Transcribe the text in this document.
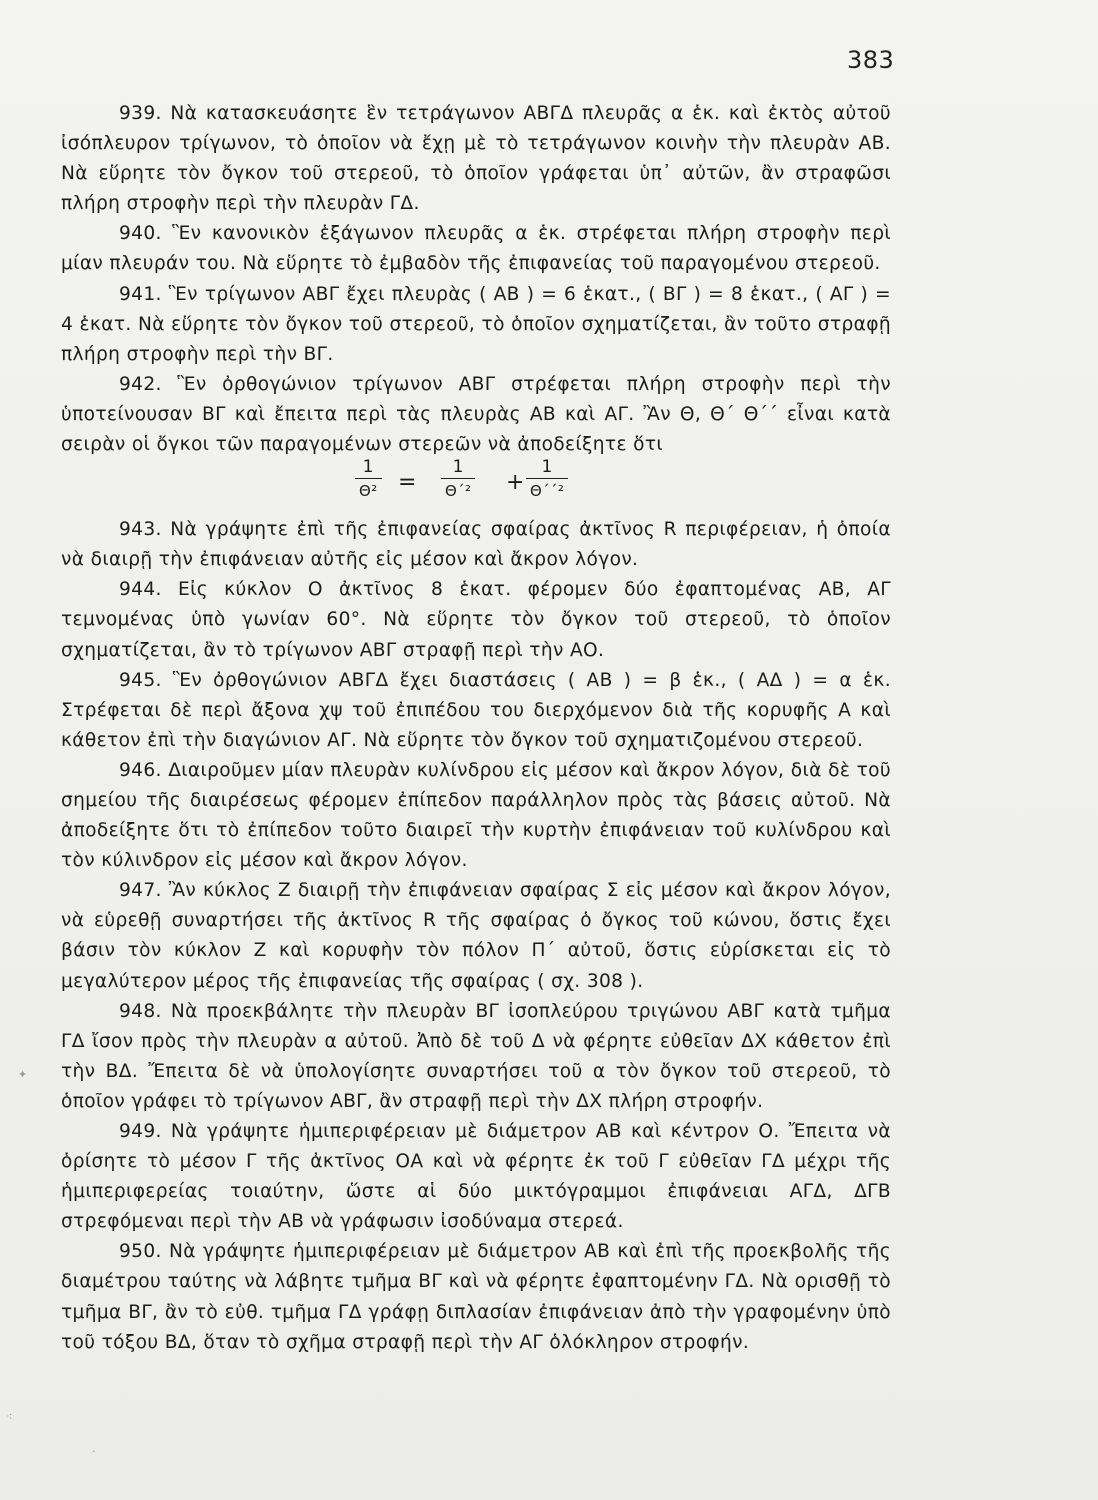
383

939. Νὰ κατασκευάσητε ἓν τετράγωνον ΑΒΓΔ πλευρᾶς α ἑκ. καὶ ἐκτὸς αὐτοῦ ἰσόπλευρον τρίγωνον, τὸ ὁποῖον νὰ ἔχῃ μὲ τὸ τετράγωνον κοινὴν τὴν πλευρὰν ΑΒ. Νὰ εὕρητε τὸν ὄγκον τοῦ στερεοῦ, τὸ ὁποῖον γράφεται ὑπ᾽ αὐτῶν, ἂν στραφῶσι πλήρη στροφὴν περὶ τὴν πλευρὰν ΓΔ.

940. Ἓν κανονικὸν ἑξάγωνον πλευρᾶς α ἑκ. στρέφεται πλήρη στροφὴν περὶ μίαν πλευράν του. Νὰ εὕρητε τὸ ἐμβαδὸν τῆς ἐπιφανείας τοῦ παραγομένου στερεοῦ.

941. Ἓν τρίγωνον ΑΒΓ ἔχει πλευρὰς ( ΑΒ ) = 6 ἑκατ., ( ΒΓ ) = 8 ἑκατ., ( ΑΓ ) = 4 ἑκατ. Νὰ εὕρητε τὸν ὄγκον τοῦ στερεοῦ, τὸ ὁποῖον σχηματίζεται, ἂν τοῦτο στραφῇ πλήρη στροφὴν περὶ τὴν ΒΓ.

942. Ἓν ὀρθογώνιον τρίγωνον ΑΒΓ στρέφεται πλήρη στροφὴν περὶ τὴν ὑποτείνουσαν ΒΓ καὶ ἔπειτα περὶ τὰς πλευρὰς ΑΒ καὶ ΑΓ. Ἂν Θ, Θ΄ Θ΄΄ εἶναι κατὰ σειρὰν οἱ ὄγκοι τῶν παραγομένων στερεῶν νὰ ἀποδείξητε ὅτι

$\frac{1}{\text{Θ²}} = \frac{1}{\text{Θ΄²}} + \frac{1}{\text{Θ΄΄²}}$

943. Νὰ γράψητε ἐπὶ τῆς ἐπιφανείας σφαίρας ἀκτῖνος R περιφέρειαν, ἡ ὁποία νὰ διαιρῇ τὴν ἐπιφάνειαν αὐτῆς εἰς μέσον καὶ ἄκρον λόγον.

944. Εἰς κύκλον Ο ἀκτῖνος 8 ἑκατ. φέρομεν δύο ἐφαπτομένας ΑΒ, ΑΓ τεμνομένας ὑπὸ γωνίαν 60°. Νὰ εὕρητε τὸν ὄγκον τοῦ στερεοῦ, τὸ ὁποῖον σχηματίζεται, ἂν τὸ τρίγωνον ΑΒΓ στραφῇ περὶ τὴν ΑΟ.

945. Ἓν ὀρθογώνιον ΑΒΓΔ ἔχει διαστάσεις ( ΑΒ ) = β ἑκ., ( ΑΔ ) = α ἑκ. Στρέφεται δὲ περὶ ἄξονα χψ τοῦ ἐπιπέδου του διερχόμενον διὰ τῆς κορυφῆς Α καὶ κάθετον ἐπὶ τὴν διαγώνιον ΑΓ. Νὰ εὕρητε τὸν ὄγκον τοῦ σχηματιζομένου στερεοῦ.

946. Διαιροῦμεν μίαν πλευρὰν κυλίνδρου εἰς μέσον καὶ ἄκρον λόγον, διὰ δὲ τοῦ σημείου τῆς διαιρέσεως φέρομεν ἐπίπεδον παράλληλον πρὸς τὰς βάσεις αὐτοῦ. Νὰ ἀποδείξητε ὅτι τὸ ἐπίπεδον τοῦτο διαιρεῖ τὴν κυρτὴν ἐπιφάνειαν τοῦ κυλίνδρου καὶ τὸν κύλινδρον εἰς μέσον καὶ ἄκρον λόγον.

947. Ἂν κύκλος Ζ διαιρῇ τὴν ἐπιφάνειαν σφαίρας Σ εἰς μέσον καὶ ἄκρον λόγον, νὰ εὑρεθῇ συναρτήσει τῆς ἀκτῖνος R τῆς σφαίρας ὁ ὄγκος τοῦ κώνου, ὅστις ἔχει βάσιν τὸν κύκλον Ζ καὶ κορυφὴν τὸν πόλον Π΄ αὐτοῦ, ὅστις εὑρίσκεται εἰς τὸ μεγαλύτερον μέρος τῆς ἐπιφανείας τῆς σφαίρας ( σχ. 308 ).

948. Νὰ προεκβάλητε τὴν πλευρὰν ΒΓ ἰσοπλεύρου τριγώνου ΑΒΓ κατὰ τμῆμα ΓΔ ἴσον πρὸς τὴν πλευρὰν α αὐτοῦ. Ἀπὸ δὲ τοῦ Δ νὰ φέρητε εὐθεῖαν ΔΧ κάθετον ἐπὶ τὴν ΒΔ. Ἔπειτα δὲ νὰ ὑπολογίσητε συναρτήσει τοῦ α τὸν ὄγκον τοῦ στερεοῦ, τὸ ὁποῖον γράφει τὸ τρίγωνον ΑΒΓ, ἂν στραφῇ περὶ τὴν ΔΧ πλήρη στροφήν.

949. Νὰ γράψητε ἡμιπεριφέρειαν μὲ διάμετρον ΑΒ καὶ κέντρον Ο. Ἔπειτα νὰ ὁρίσητε τὸ μέσον Γ τῆς ἀκτῖνος ΟΑ καὶ νὰ φέρητε ἐκ τοῦ Γ εὐθεῖαν ΓΔ μέχρι τῆς ἡμιπεριφερείας τοιαύτην, ὥστε αἱ δύο μικτόγραμμοι ἐπιφάνειαι ΑΓΔ, ΔΓΒ στρεφόμεναι περὶ τὴν ΑΒ νὰ γράφωσιν ἰσοδύναμα στερεά.

950. Νὰ γράψητε ἡμιπεριφέρειαν μὲ διάμετρον ΑΒ καὶ ἐπὶ τῆς προεκβολῆς τῆς διαμέτρου ταύτης νὰ λάβητε τμῆμα ΒΓ καὶ νὰ φέρητε ἐφαπτομένην ΓΔ. Νὰ ορισθῇ τὸ τμῆμα ΒΓ, ἂν τὸ εὐθ. τμῆμα ΓΔ γράφῃ διπλασίαν ἐπιφάνειαν ἀπὸ τὴν γραφομένην ὑπὸ τοῦ τόξου ΒΔ, ὅταν τὸ σχῆμα στραφῇ περὶ τὴν ΑΓ ὁλόκληρον στροφήν.

✦
⁖
·
